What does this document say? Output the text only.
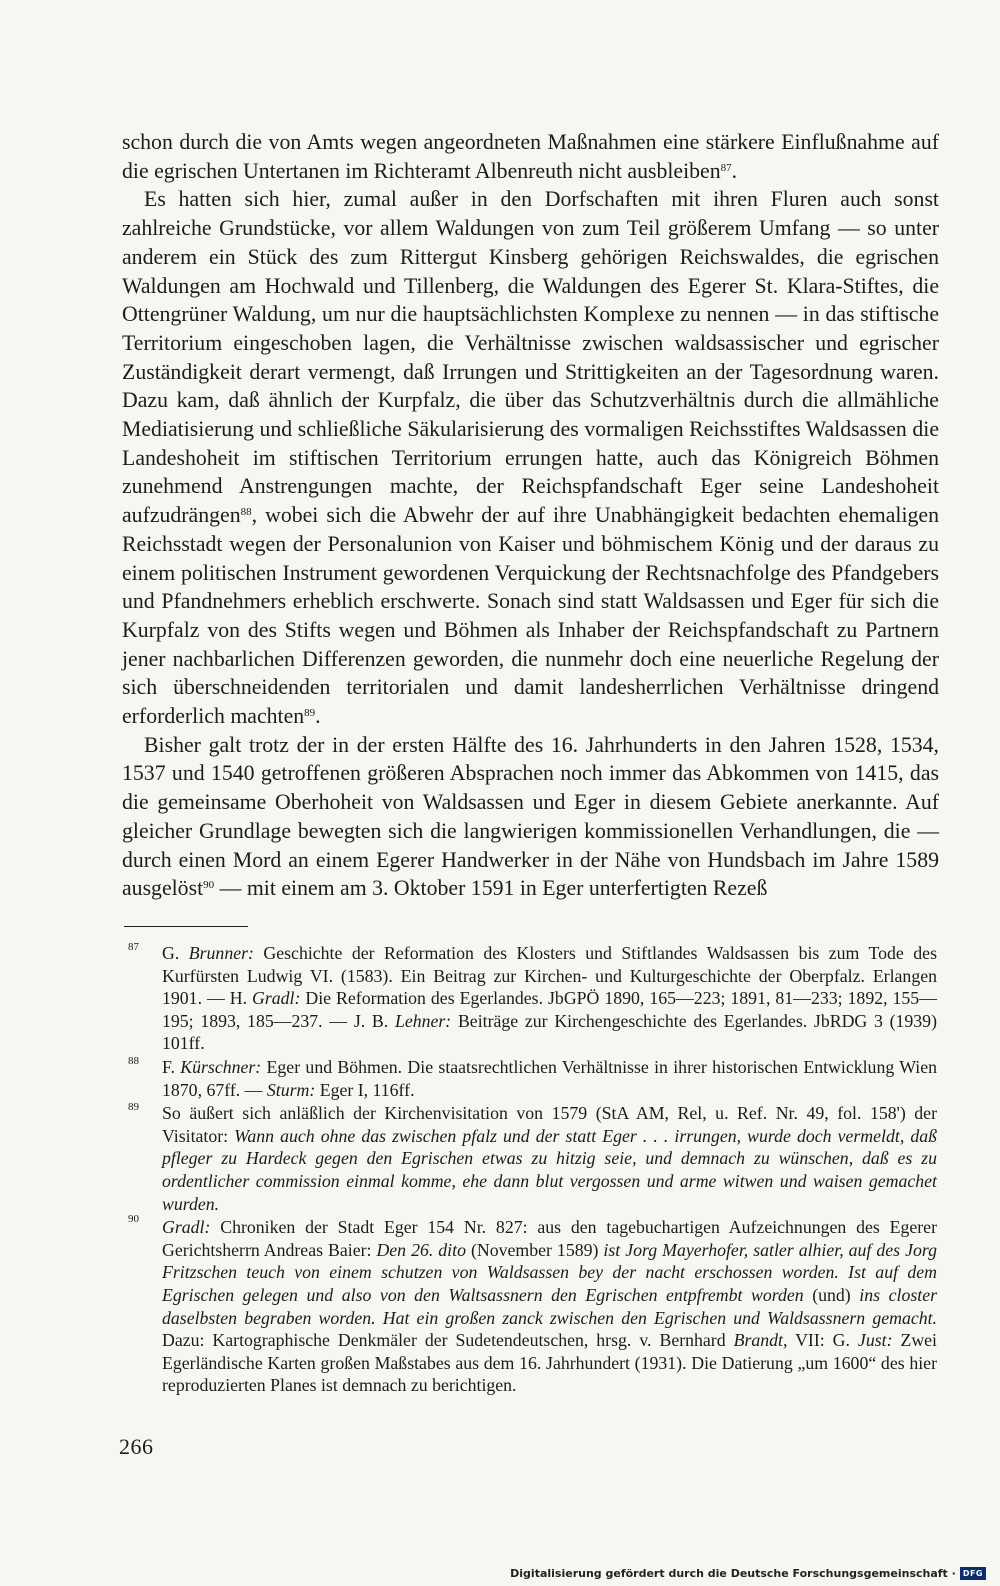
schon durch die von Amts wegen angeordneten Maßnahmen eine stärkere Einflußnahme auf die egrischen Untertanen im Richteramt Albenreuth nicht ausbleiben$^{87}$.

Es hatten sich hier, zumal außer in den Dorfschaften mit ihren Fluren auch sonst zahlreiche Grundstücke, vor allem Waldungen von zum Teil größerem Umfang — so unter anderem ein Stück des zum Rittergut Kinsberg gehörigen Reichswaldes, die egrischen Waldungen am Hochwald und Tillenberg, die Waldungen des Egerer St. Klara-Stiftes, die Ottengrüner Waldung, um nur die hauptsächlichsten Komplexe zu nennen — in das stiftische Territorium eingeschoben lagen, die Verhältnisse zwischen waldsassischer und egrischer Zuständigkeit derart vermengt, daß Irrungen und Strittigkeiten an der Tagesordnung waren. Dazu kam, daß ähnlich der Kurpfalz, die über das Schutzverhältnis durch die allmähliche Mediatisierung und schließliche Säkularisierung des vormaligen Reichsstiftes Waldsassen die Landeshoheit im stiftischen Territorium errungen hatte, auch das Königreich Böhmen zunehmend Anstrengungen machte, der Reichspfandschaft Eger seine Landeshoheit aufzudrängen$^{88}$, wobei sich die Abwehr der auf ihre Unabhängigkeit bedachten ehemaligen Reichsstadt wegen der Personalunion von Kaiser und böhmischem König und der daraus zu einem politischen Instrument gewordenen Verquickung der Rechtsnachfolge des Pfandgebers und Pfandnehmers erheblich erschwerte. Sonach sind statt Waldsassen und Eger für sich die Kurpfalz von des Stifts wegen und Böhmen als Inhaber der Reichspfandschaft zu Partnern jener nachbarlichen Differenzen geworden, die nunmehr doch eine neuerliche Regelung der sich überschneidenden territorialen und damit landesherrlichen Verhältnisse dringend erforderlich machten$^{89}$.

Bisher galt trotz der in der ersten Hälfte des 16. Jahrhunderts in den Jahren 1528, 1534, 1537 und 1540 getroffenen größeren Absprachen noch immer das Abkommen von 1415, das die gemeinsame Oberhoheit von Waldsassen und Eger in diesem Gebiete anerkannte. Auf gleicher Grundlage bewegten sich die langwierigen kommissionellen Verhandlungen, die — durch einen Mord an einem Egerer Handwerker in der Nähe von Hundsbach im Jahre 1589 ausgelöst$^{90}$ — mit einem am 3. Oktober 1591 in Eger unterfertigten Rezeß

87 G. Brunner: Geschichte der Reformation des Klosters und Stiftlandes Waldsassen bis zum Tode des Kurfürsten Ludwig VI. (1583). Ein Beitrag zur Kirchen- und Kulturgeschichte der Oberpfalz. Erlangen 1901. — H. Gradl: Die Reformation des Egerlandes. JbGPÖ 1890, 165—223; 1891, 81—233; 1892, 155—195; 1893, 185—237. — J. B. Lehner: Beiträge zur Kirchengeschichte des Egerlandes. JbRDG 3 (1939) 101ff.
88 F. Kürschner: Eger und Böhmen. Die staatsrechtlichen Verhältnisse in ihrer historischen Entwicklung Wien 1870, 67ff. — Sturm: Eger I, 116ff.
89 So äußert sich anläßlich der Kirchenvisitation von 1579 (StA AM, Rel, u. Ref. Nr. 49, fol. 158') der Visitator: Wann auch ohne das zwischen pfalz und der statt Eger . . . irrungen, wurde doch vermeldt, daß pfleger zu Hardeck gegen den Egrischen etwas zu hitzig seie, und demnach zu wünschen, daß es zu ordentlicher commission einmal komme, ehe dann blut vergossen und arme witwen und waisen gemachet wurden.
90 Gradl: Chroniken der Stadt Eger 154 Nr. 827: aus den tagebuchartigen Aufzeichnungen des Egerer Gerichtsherrn Andreas Baier: Den 26. dito (November 1589) ist Jorg Mayerhofer, satler alhier, auf des Jorg Fritzschen teuch von einem schutzen von Waldsassen bey der nacht erschossen worden. Ist auf dem Egrischen gelegen und also von den Waltsassnern den Egrischen entpfrembt worden (und) ins closter daselbsten begraben worden. Hat ein großen zanck zwischen den Egrischen und Waldsassnern gemacht. Dazu: Kartographische Denkmäler der Sudetendeutschen, hrsg. v. Bernhard Brandt, VII: G. Just: Zwei Egerländische Karten großen Maßstabes aus dem 16. Jahrhundert (1931). Die Datierung „um 1600“ des hier reproduzierten Planes ist demnach zu berichtigen.
266
Digitalisierung gefördert durch die Deutsche Forschungsgemeinschaft · DFG
